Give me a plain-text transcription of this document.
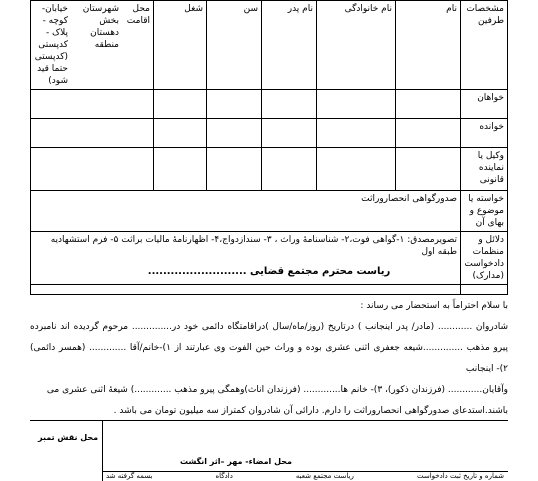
مشخصات طرفین	نام	نام خانوادگی	نام پدر	سن	شغل	محل اقامت
شهرستان بخش دهستان منطقه
خیابان- کوچه - پلاک - کدپستی
(کدپستی حتما قید شود)

خواهان						
خوانده						
وکیل یا نماینده قانونی						
خواسته یا موضوع و بهای آن	صدورگواهی انحصاروراثت					
دلائل و منظمات دادخواست (مدارک)	تصویرمصدق: ۱-گواهی فوت،۲- شناسنامهٔ وراث ، ۳- سندازدواج،۴- اظهارنامهٔ مالیات براثت ۵- فرم استشهادیه طبقه اول					
ریاست محترم مجتمع قضایی ..........................

با سلام احتراماً به استحضار می رساند :

شادروان ............ (مادر/ پدر اینجانب ) درتاریخ (روز/ماه/سال )دراقامتگاه دائمی خود در.............. مرحوم گردیده اند نامبرده پیرو مذهب ..............شیعه جعفری اثنی عشری بوده و وراث حین الفوت وی عبارتند از ۱)-خانم/آقا ............. (همسر دائمی) ۲)- اینجانب

وآقایان............ (فرزندان ذکور)، ۳)- خانم ها............. (فرزندان اناث)وهمگی پیرو مذهب .............) شیعهٔ اثنی عشری می

باشند.استدعای صدورگواهی انحصاروراثت را دارم. دارائی آن شادروان کمتراز سه میلیون تومان می باشد .

محل نقش تمبر
محل امضاء- مهر –اثر انگشت
شماره و تاریخ ثبت دادخواست
ریاست مجتمع شعبه
دادگاه
بسمه گرفته شد
